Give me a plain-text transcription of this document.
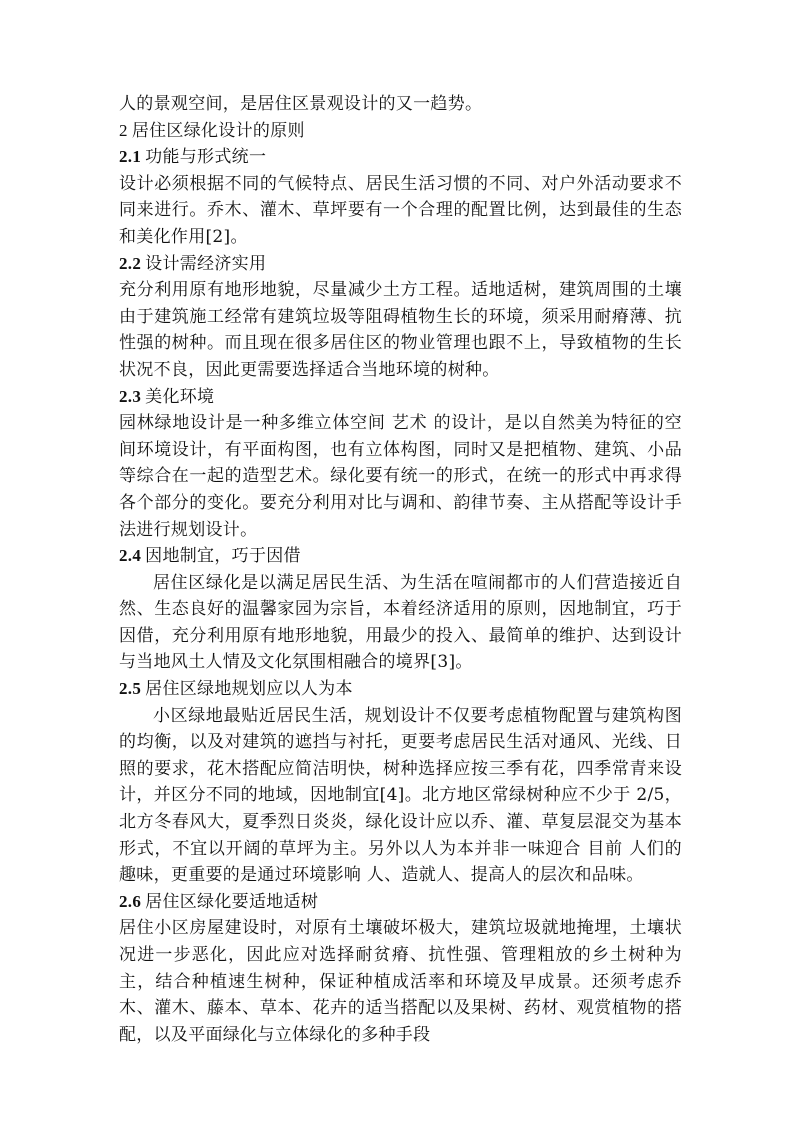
人的景观空间，是居住区景观设计的又一趋势。

2 居住区绿化设计的原则
2.1 功能与形式统一

设计必须根据不同的气候特点、居民生活习惯的不同、对户外活动要求不同来进行。乔木、灌木、草坪要有一个合理的配置比例，达到最佳的生态和美化作用[2]。

2.2 设计需经济实用

充分利用原有地形地貌，尽量减少土方工程。适地适树，建筑周围的土壤由于建筑施工经常有建筑垃圾等阻碍植物生长的环境，须采用耐瘠薄、抗性强的树种。而且现在很多居住区的物业管理也跟不上，导致植物的生长状况不良，因此更需要选择适合当地环境的树种。

2.3 美化环境

园林绿地设计是一种多维立体空间 艺术 的设计，是以自然美为特征的空间环境设计，有平面构图，也有立体构图，同时又是把植物、建筑、小品等综合在一起的造型艺术。绿化要有统一的形式，在统一的形式中再求得各个部分的变化。要充分利用对比与调和、韵律节奏、主从搭配等设计手法进行规划设计。

2.4 因地制宜，巧于因借

居住区绿化是以满足居民生活、为生活在喧闹都市的人们营造接近自然、生态良好的温馨家园为宗旨，本着经济适用的原则，因地制宜，巧于因借，充分利用原有地形地貌，用最少的投入、最简单的维护、达到设计与当地风土人情及文化氛围相融合的境界[3]。

2.5 居住区绿地规划应以人为本

小区绿地最贴近居民生活，规划设计不仅要考虑植物配置与建筑构图的均衡，以及对建筑的遮挡与衬托，更要考虑居民生活对通风、光线、日照的要求，花木搭配应简洁明快，树种选择应按三季有花，四季常青来设计，并区分不同的地域，因地制宜[4]。北方地区常绿树种应不少于 2/5，北方冬春风大，夏季烈日炎炎，绿化设计应以乔、灌、草复层混交为基本形式，不宜以开阔的草坪为主。另外以人为本并非一味迎合 目前 人们的趣味，更重要的是通过环境影响 人、造就人、提高人的层次和品味。

2.6 居住区绿化要适地适树

居住小区房屋建设时，对原有土壤破坏极大，建筑垃圾就地掩埋，土壤状况进一步恶化，因此应对选择耐贫瘠、抗性强、管理粗放的乡土树种为主，结合种植速生树种，保证种植成活率和环境及早成景。还须考虑乔木、灌木、藤本、草本、花卉的适当搭配以及果树、药材、观赏植物的搭配，以及平面绿化与立体绿化的多种手段
